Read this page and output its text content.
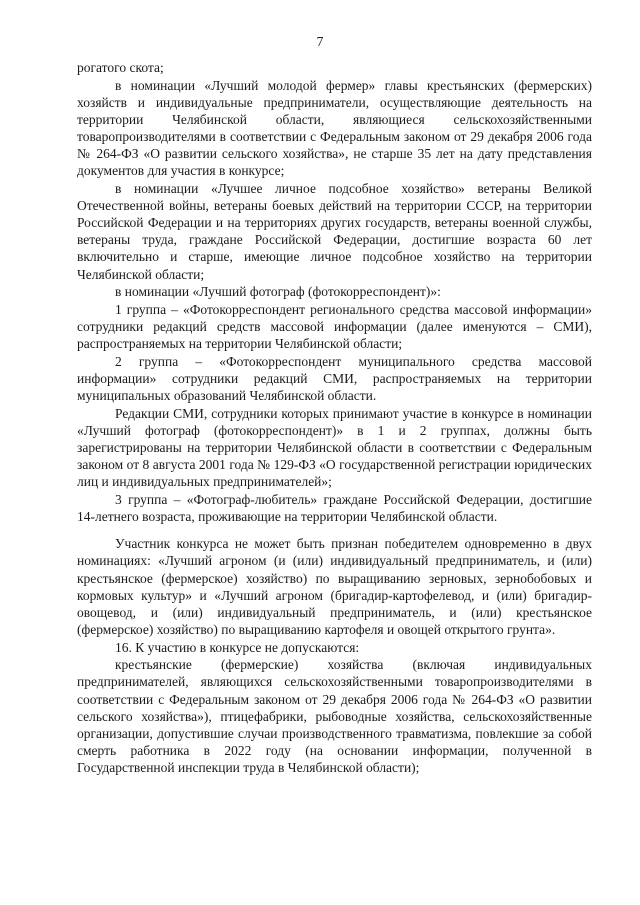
7

рогатого скота;

в номинации «Лучший молодой фермер» главы крестьянских (фермерских) хозяйств и индивидуальные предприниматели, осуществляющие деятельность на территории Челябинской области, являющиеся сельскохозяйственными товаропроизводителями в соответствии с Федеральным законом от 29 декабря 2006 года № 264-ФЗ «О развитии сельского хозяйства», не старше 35 лет на дату представления документов для участия в конкурсе;

в номинации «Лучшее личное подсобное хозяйство» ветераны Великой Отечественной войны, ветераны боевых действий на территории СССР, на территории Российской Федерации и на территориях других государств, ветераны военной службы, ветераны труда, граждане Российской Федерации, достигшие возраста 60 лет включительно и старше, имеющие личное подсобное хозяйство на территории Челябинской области;

в номинации «Лучший фотограф (фотокорреспондент)»:

1 группа – «Фотокорреспондент регионального средства массовой информации» сотрудники редакций средств массовой информации (далее именуются – СМИ), распространяемых на территории Челябинской области;

2 группа – «Фотокорреспондент муниципального средства массовой информации» сотрудники редакций СМИ, распространяемых на территории муниципальных образований Челябинской области.

Редакции СМИ, сотрудники которых принимают участие в конкурсе в номинации «Лучший фотограф (фотокорреспондент)» в 1 и 2 группах, должны быть зарегистрированы на территории Челябинской области в соответствии с Федеральным законом от 8 августа 2001 года № 129-ФЗ «О государственной регистрации юридических лиц и индивидуальных предпринимателей»;

3 группа – «Фотограф-любитель» граждане Российской Федерации, достигшие 14-летнего возраста, проживающие на территории Челябинской области.

Участник конкурса не может быть признан победителем одновременно в двух номинациях: «Лучший агроном (и (или) индивидуальный предприниматель, и (или) крестьянское (фермерское) хозяйство) по выращиванию зерновых, зернобобовых и кормовых культур» и «Лучший агроном (бригадир-картофелевод, и (или) бригадир-овощевод, и (или) индивидуальный предприниматель, и (или) крестьянское (фермерское) хозяйство) по выращиванию картофеля и овощей открытого грунта».

16. К участию в конкурсе не допускаются:

крестьянские (фермерские) хозяйства (включая индивидуальных предпринимателей, являющихся сельскохозяйственными товаропроизводителями в соответствии с Федеральным законом от 29 декабря 2006 года № 264-ФЗ «О развитии сельского хозяйства»), птицефабрики, рыбоводные хозяйства, сельскохозяйственные организации, допустившие случаи производственного травматизма, повлекшие за собой смерть работника в 2022 году (на основании информации, полученной в Государственной инспекции труда в Челябинской области);
